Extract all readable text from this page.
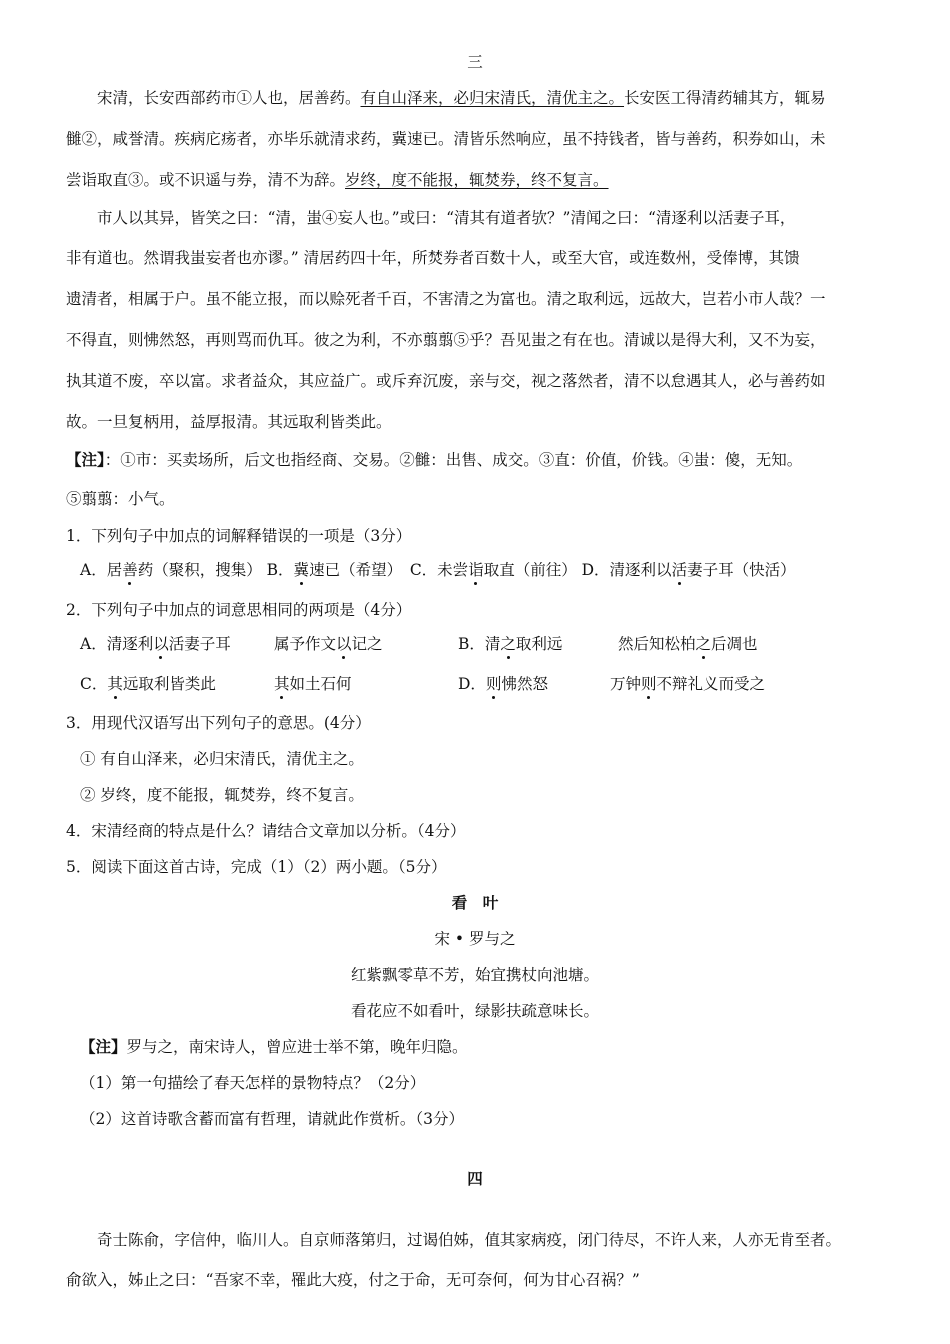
三
宋清，长安西部药市①人也，居善药。有自山泽来，必归宋清氏，清优主之。长安医工得清药辅其方，辄易
雠②，咸誉清。疾病庀疡者，亦毕乐就清求药，冀速已。清皆乐然响应，虽不持钱者，皆与善药，积券如山，未
尝诣取直③。或不识遥与券，清不为辞。岁终，度不能报，辄焚券，终不复言。
市人以其异，皆笑之曰：“清，蚩④妄人也。”或曰：“清其有道者欤？”清闻之曰：“清逐利以活妻子耳，
非有道也。然谓我蚩妄者也亦谬。” 清居药四十年，所焚券者百数十人，或至大官，或连数州，受俸博，其馈
遗清者，相属于户。虽不能立报，而以赊死者千百，不害清之为富也。清之取利远，远故大，岂若小市人哉？一
不得直，则怫然怒，再则骂而仇耳。彼之为利，不亦翦翦⑤乎？吾见蚩之有在也。清诚以是得大利，又不为妄，
执其道不废，卒以富。求者益众，其应益广。或斥弃沉废，亲与交，视之落然者，清不以怠遇其人，必与善药如
故。一旦复柄用，益厚报清。其远取利皆类此。
【注】：①市：买卖场所，后文也指经商、交易。②雠：出售、成交。③直：价值，价钱。④蚩：傻，无知。
⑤翦翦：小气。
1．下列句子中加点的词解释错误的一项是（3分）
A．居善药（聚积，搜集） B．冀速已（希望）　C．未尝诣取直（前往） D．清逐利以活妻子耳（快活）
2．下列句子中加点的词意思相同的两项是（4分）
A．清逐利以活妻子耳	属予作文以记之	B．清之取利远	然后知松柏之后凋也
C．其远取利皆类此	其如土石何	D．则怫然怒	万钟则不辩礼义而受之
3．用现代汉语写出下列句子的意思。(4分）
① 有自山泽来，必归宋清氏，清优主之。
② 岁终，度不能报，辄焚券，终不复言。
4．宋清经商的特点是什么？请结合文章加以分析。（4分）
5．阅读下面这首古诗，完成（1）（2）两小题。（5分）
看　叶
宋 • 罗与之
红紫飘零草不芳，始宜携杖向池塘。
看花应不如看叶，绿影扶疏意味长。
【注】罗与之，南宋诗人，曾应进士举不第，晚年归隐。
（1）第一句描绘了春天怎样的景物特点？（2分）
（2）这首诗歌含蓄而富有哲理，请就此作赏析。（3分）
四
奇士陈俞，字信仲，临川人。自京师落第归，过谒伯姊，值其家病疫，闭门待尽，不许人来，人亦无肯至者。
俞欲入，姊止之曰：“吾家不幸，罹此大疫，付之于命，无可奈何，何为甘心召祸？”
